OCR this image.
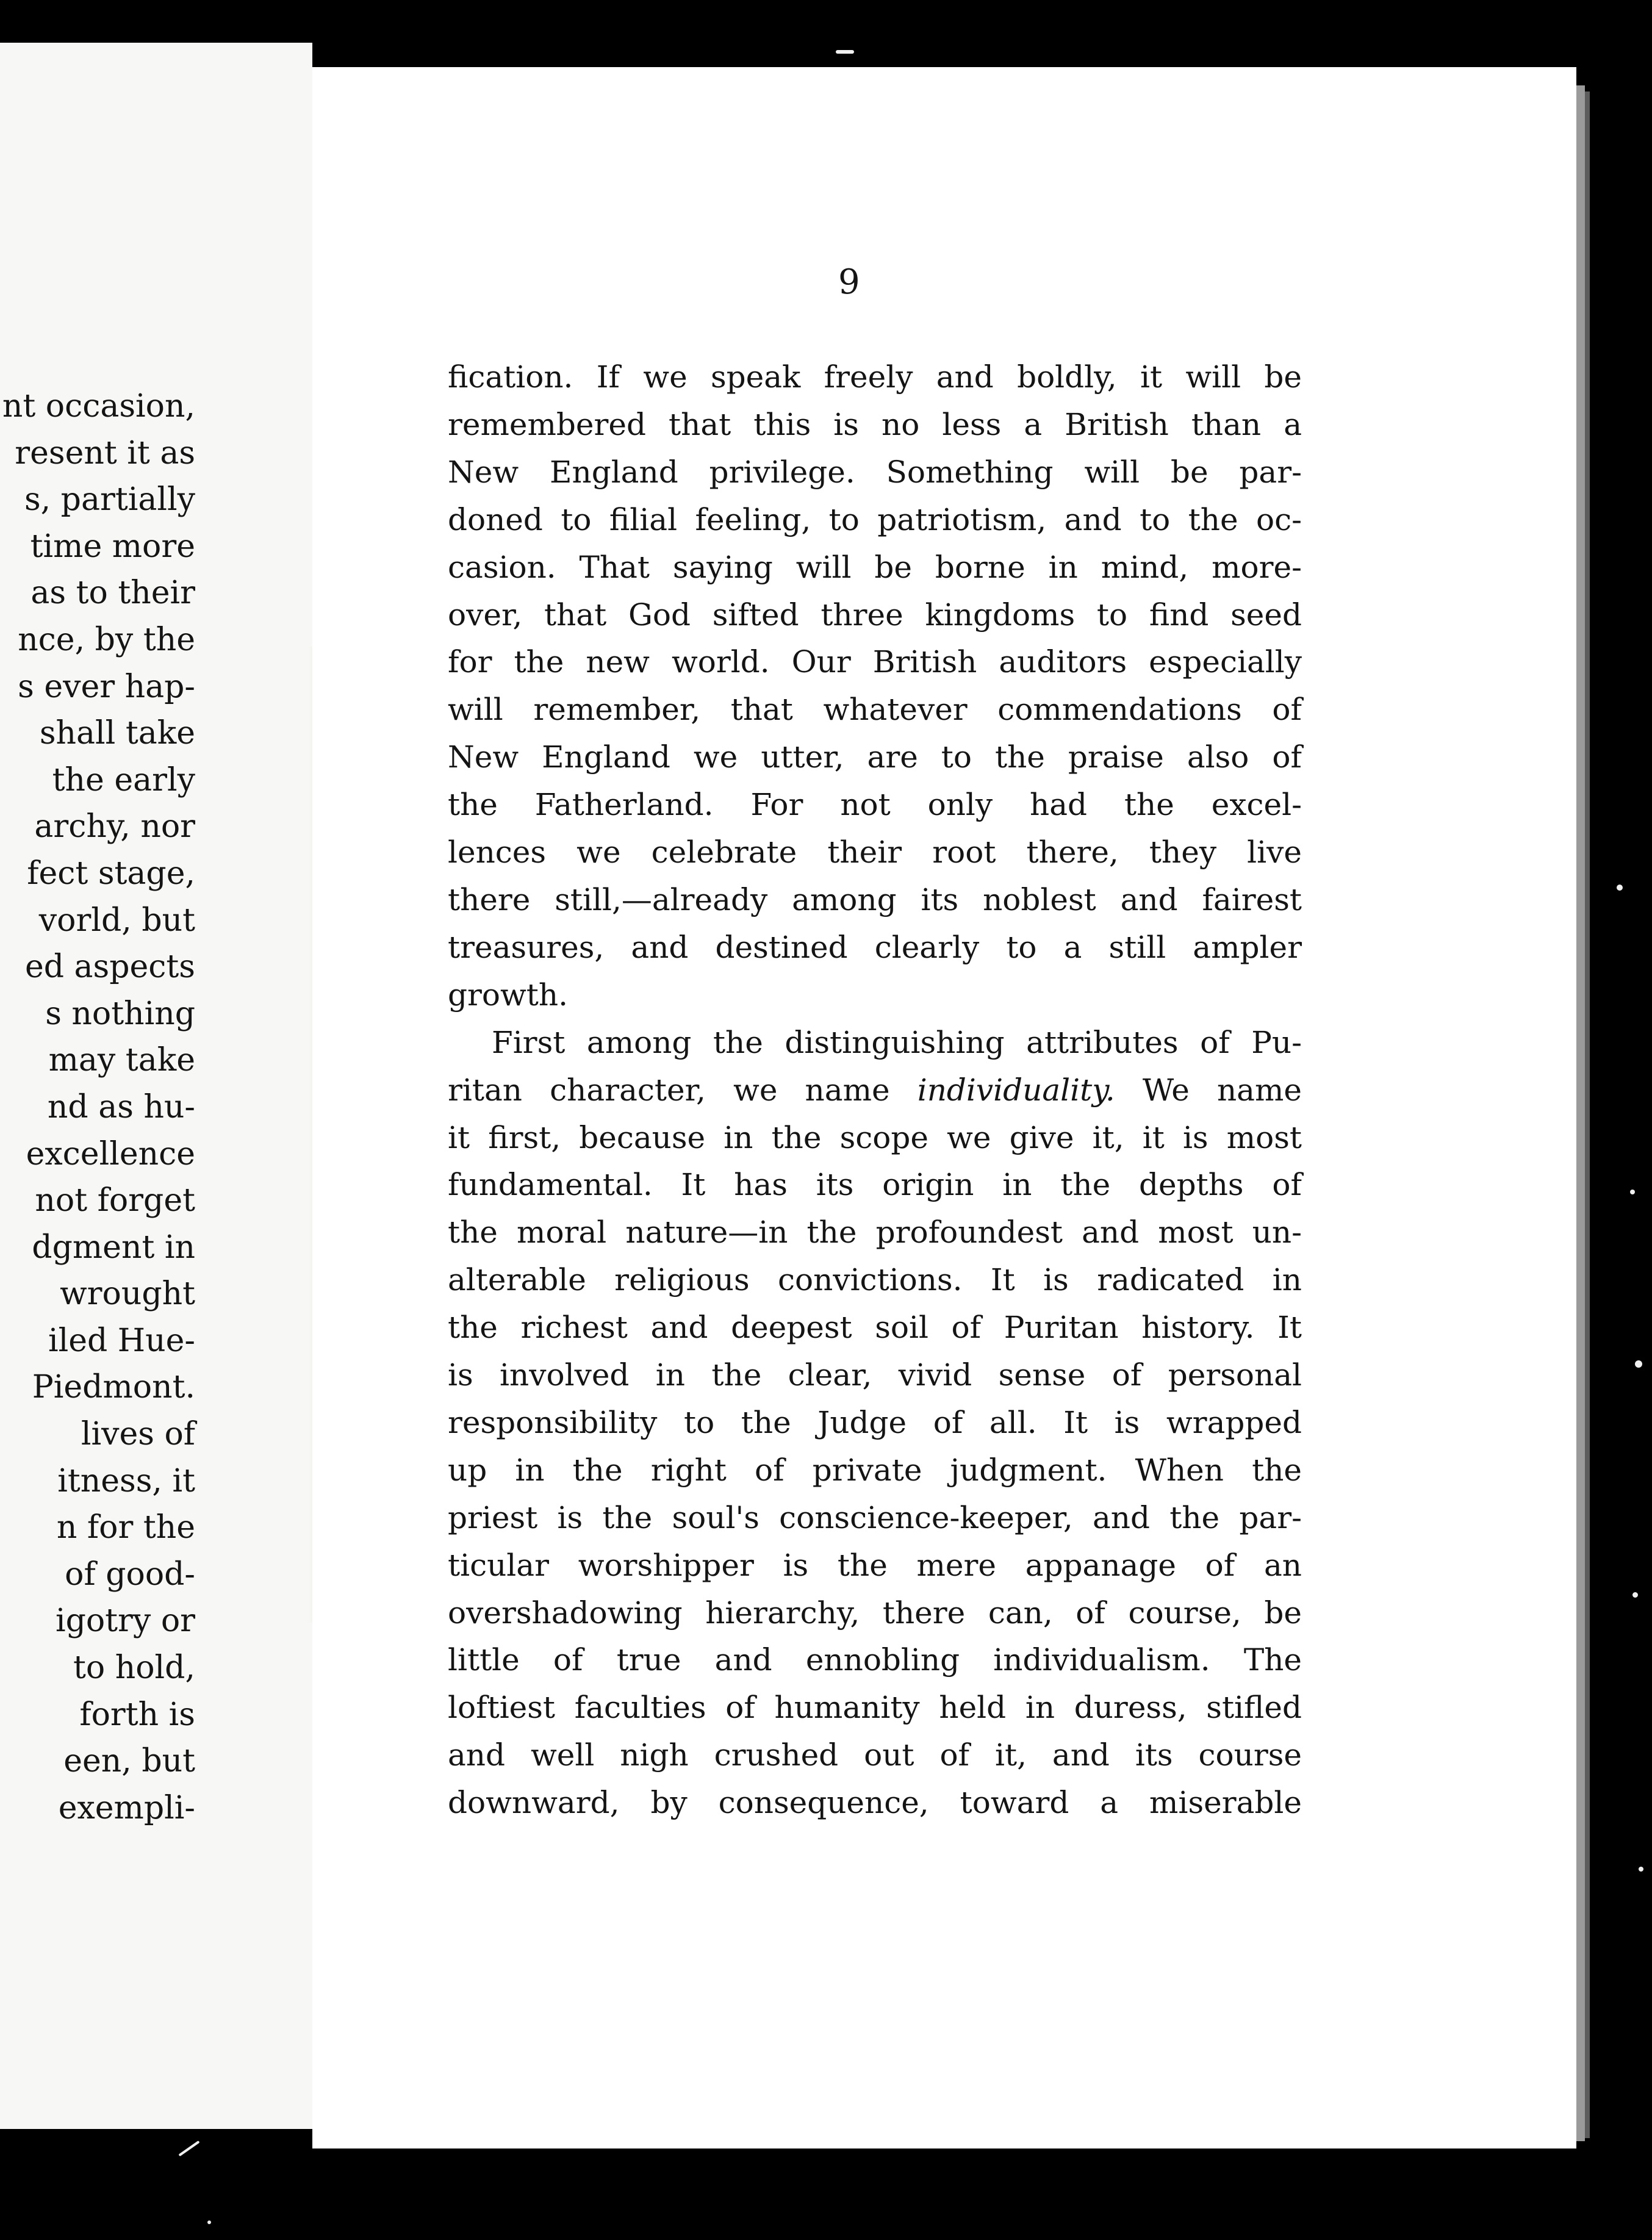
nt occasion,
resent it as
s, partially
time more
as to their
nce, by the
s ever hap-
shall take
the early
archy, nor
fect stage,
vorld, but
ed aspects
s nothing
may take
nd as hu-
excellence
not forget
dgment in
wrought
iled Hue-
Piedmont.
lives of
itness, it
n for the
of good-
igotry or
to hold,
forth is
een, but
exempli-
9
fication. If we speak freely and boldly, it will be
remembered that this is no less a British than a
New England privilege. Something will be par-
doned to filial feeling, to patriotism, and to the oc-
casion. That saying will be borne in mind, more-
over, that God sifted three kingdoms to find seed
for the new world. Our British auditors especially
will remember, that whatever commendations of
New England we utter, are to the praise also of
the Fatherland. For not only had the excel-
lences we celebrate their root there, they live
there still,—already among its noblest and fairest
treasures, and destined clearly to a still ampler
growth.
First among the distinguishing attributes of Pu-
ritan character, we name individuality. We name
it first, because in the scope we give it, it is most
fundamental. It has its origin in the depths of
the moral nature—in the profoundest and most un-
alterable religious convictions. It is radicated in
the richest and deepest soil of Puritan history. It
is involved in the clear, vivid sense of personal
responsibility to the Judge of all. It is wrapped
up in the right of private judgment. When the
priest is the soul's conscience-keeper, and the par-
ticular worshipper is the mere appanage of an
overshadowing hierarchy, there can, of course, be
little of true and ennobling individualism. The
loftiest faculties of humanity held in duress, stifled
and well nigh crushed out of it, and its course
downward, by consequence, toward a miserable
